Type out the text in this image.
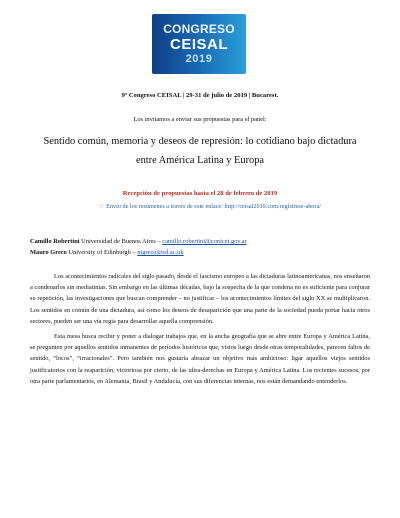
CONGRESO
CEISAL
2019
9º Congreso CEISAL | 29-31 de julio de 2019 | Bucarest.
Los invitamos a enviar sus propuestas para el panel:
Sentido común, memoria y deseos de represión: lo cotidiano bajo dictadura entre América Latina y Europa
Recepción de propuestas hasta el 28 de febrero de 2019
☞ Envío de los resúmenes a través de este enlace: http://ceisal2019.com/regístrese-ahora/
Camillo Robertini Universidad de Buenos Aires – camillo.robertini@conicet.gov.ar
Mauro Greco University of Edinburgh – mgreco@ed.ac.uk

Los acontecimientos radicales del siglo pasado, desde el fascismo europeo a las dictaduras latinoamericanas, nos enseñaron a condenarlos sin mediatintas. Sin embargo en las últimas décadas, bajo la sospecha de la que condena no es suficiente para conjurar su repetición, las investigaciones que buscan comprender – no justificar – los acontecimientos límites del siglo XX se multiplicaron. Los sentidos en común de una dictadura, así como los deseos de desaparición que una parte de la sociedad pueda portar hacia otros sectores, pueden ser una vía regia para desarrollar aquella comprensión.

Esta mesa busca recibir y poner a dialogar trabajos que, en la ancha geografía que se abre entre Europa y América Latina, se pregunten por aquellos sentidos inmanentes de períodos históricos que, vistos luego desde otras temporalidades, parecen faltos de sentido, “locos”, “irracionales”. Pero también nos gustaría abrazar un objetivo más ambicioso: ligar aquellos viejos sentidos justificatorios con la reaparición, victoriosa por cierto, de las ultra-derechas en Europa y América Latina. Los recientes sucesos, por otra parte parlamentarios, en Alemania, Brasil y Andalucía, con sus diferencias internas, nos están demandando entenderlos.
